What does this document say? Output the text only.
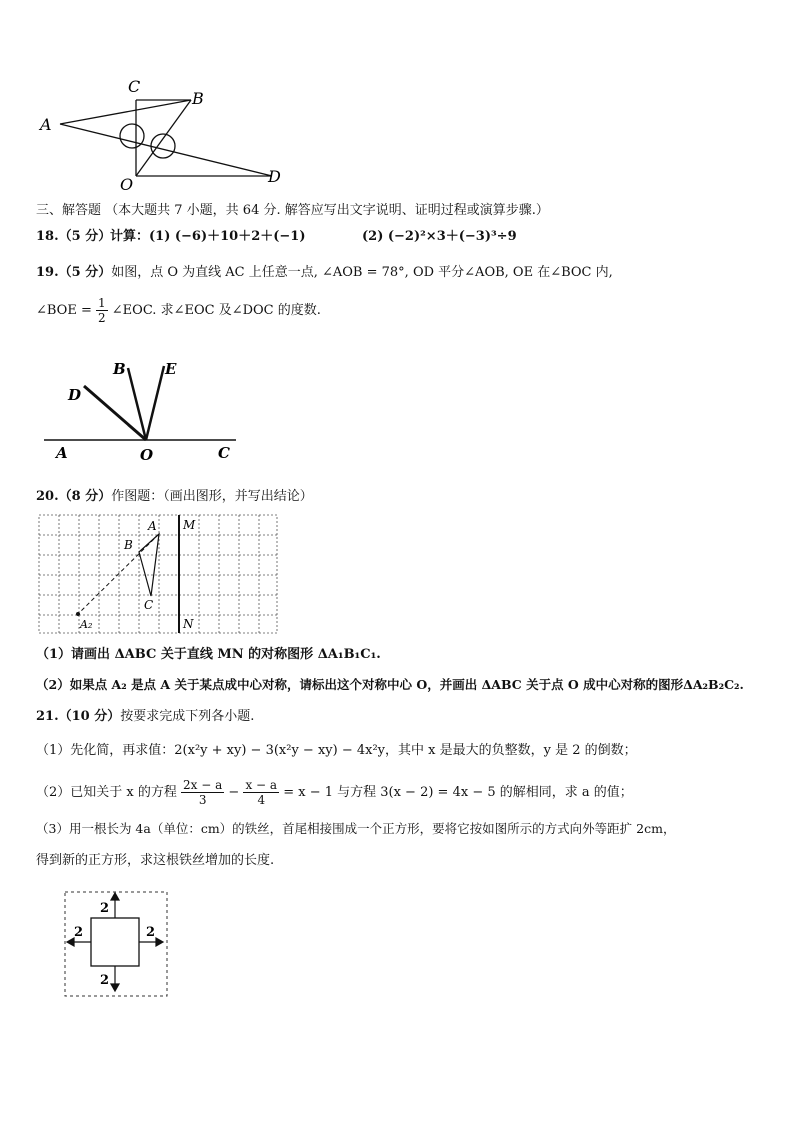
A
C
B
O	D
三、解答题 （本大题共 7 小题，共 64 分. 解答应写出文字说明、证明过程或演算步骤.）
18.（5 分）
计算：(1) (−6)＋10＋2＋(−1)	(2) (−2)²×3＋(−3)³÷9
19.（5 分）如图，点 O 为直线 AC 上任意一点, ∠AOB = 78°, OD 平分∠AOB, OE 在∠BOC 内,
∠BOE = $\frac{1}{2}$ ∠EOC. 求∠EOC 及∠DOC 的度数.
D
B	E
A	O	C
20.（8 分）作图题：（画出图形，并写出结论）
A
B
C
M
N
A₂
（1）请画出 ΔABC 关于直线 MN 的对称图形 ΔA₁B₁C₁.
（2）如果点 A₂ 是点 A 关于某点成中心对称，请标出这个对称中心 O，并画出 ΔABC 关于点 O 成中心对称的图形ΔA₂B₂C₂.
21.（10 分）按要求完成下列各小题.
（1）先化简，再求值：2(x²y + xy) − 3(x²y − xy) − 4x²y，其中 x 是最大的负整数，y 是 2 的倒数；
（2）已知关于 x 的方程 $\frac{2x - a}{3} - \frac{x - a}{4} = x - 1$ 与方程 3(x − 2) = 4x − 5 的解相同，求 a 的值；
（3）用一根长为 4a（单位：cm）的铁丝，首尾相接围成一个正方形，要将它按如图所示的方式向外等距扩 2cm，
得到新的正方形，求这根铁丝增加的长度.
2
2	2
2
